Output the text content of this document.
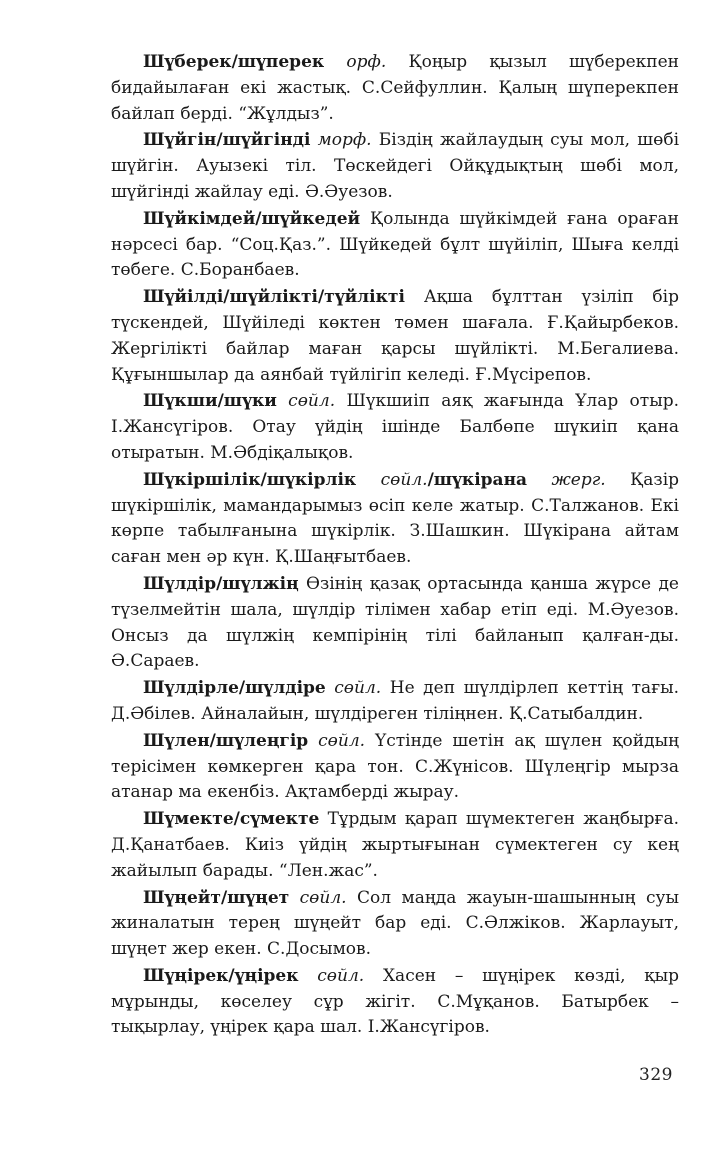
Шүберек/шүперек орф. Қоңыр қызыл шүберекпен бидайылаған екі жастық. С.Сейфуллин. Қалың шүперекпен байлап берді. “Жұлдыз”.

Шүйгін/шүйгінді морф. Біздің жайлаудың суы мол, шөбі шүйгін. Ауызекі тіл. Төскейдегі Ойқұдықтың шөбі мол, шүйгінді жайлау еді. Ә.Әуезов.

Шүйкімдей/шүйкедей Қолында шүйкімдей ғана ораған нәрсесі бар. “Соц.Қаз.”. Шүйкедей бұлт шүйіліп, Шыға келді төбеге. С.Боранбаев.

Шүйілді/шүйлікті/түйлікті Ақша бұлттан үзіліп бір түскендей, Шүйіледі көктен төмен шағала. Ғ.Қайырбеков. Жергілікті байлар маған қарсы шүйлікті. М.Бегалиева. Құғыншылар да аянбай түйлігіп келеді. Ғ.Мүсірепов.

Шүкши/шүки сөйл. Шүкшиіп аяқ жағында Ұлар отыр. І.Жансүгіров. Отау үйдің ішінде Балбөпе шүкиіп қана отыратын. М.Әбдіқалықов.

Шүкіршілік/шүкірлік сөйл./шүкірана жерг. Қазір шүкіршілік, мамандарымыз өсіп келе жатыр. С.Талжанов. Екі көрпе табылғанына шүкірлік. З.Шашкин. Шүкірана айтам саған мен әр күн. Қ.Шаңғытбаев.

Шүлдір/шүлжің Өзінің қазақ ортасында қанша жүрсе де түзелмейтін шала, шүлдір тілімен хабар етіп еді. М.Әуезов. Онсыз да шүлжің кемпірінің тілі байланып қалған-ды. Ә.Сараев.

Шүлдірле/шүлдіре сөйл. Не деп шүлдірлеп кеттің тағы. Д.Әбілев. Айналайын, шүлдіреген тіліңнен. Қ.Сатыбалдин.

Шүлен/шүлеңгір сөйл. Үстінде шетін ақ шүлен қойдың терісімен көмкерген қара тон. С.Жүнісов. Шүлеңгір мырза атанар ма екенбіз. Ақтамберді жырау.

Шүмекте/сүмекте Тұрдым қарап шүмектеген жаңбырға. Д.Қанатбаев. Киіз үйдің жыртығынан сүмектеген су кең жайылып барады. “Лен.жас”.

Шүңейт/шүңет сөйл. Сол маңда жауын-шашынның суы жиналатын терең шүңейт бар еді. С.Әлжіков. Жарлауыт, шүңет жер екен. С.Досымов.

Шүңірек/үңірек сөйл. Хасен – шүңірек көзді, қыр мұрынды, көселеу сұр жігіт. С.Мұқанов. Батырбек – тықырлау, үңірек қара шал. І.Жансүгіров.

329
